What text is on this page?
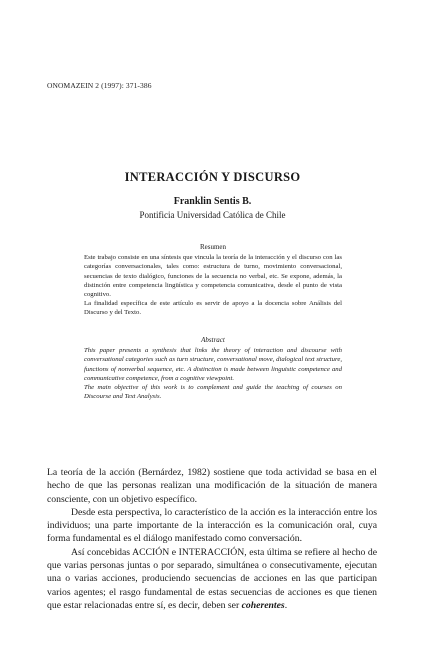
ONOMAZEIN 2 (1997): 371-386
INTERACCIÓN Y DISCURSO
Franklin Sentis B.
Pontificia Universidad Católica de Chile
Resumen

Este trabajo consiste en una síntesis que vincula la teoría de la interacción y el discurso con las categorías conversacionales, tales como: estructura de turno, movimiento conversacional, secuencias de texto dialógico, funciones de la secuencia no verbal, etc. Se expone, además, la distinción entre competencia lingüística y competencia comunicativa, desde el punto de vista cognitivo.

La finalidad específica de este artículo es servir de apoyo a la docencia sobre Análisis del Discurso y del Texto.

Abstract

This paper presents a synthesis that links the theory of interaction and discourse with conversational categories such as turn structure, conversational move, dialogical text structure, functions of nonverbal sequence, etc. A distinction is made between linguistic competence and communicative competence, from a cognitive viewpoint.

The main objective of this work is to complement and guide the teaching of courses on Discourse and Text Analysis.

La teoría de la acción (Bernárdez, 1982) sostiene que toda actividad se basa en el hecho de que las personas realizan una modificación de la situación de manera consciente, con un objetivo específico.

Desde esta perspectiva, lo característico de la acción es la interacción entre los individuos; una parte importante de la interacción es la comunicación oral, cuya forma fundamental es el diálogo manifestado como conversación.

Así concebidas ACCIÓN e INTERACCIÓN, esta última se refiere al hecho de que varias personas juntas o por separado, simultánea o consecutivamente, ejecutan una o varias acciones, produciendo secuencias de acciones en las que participan varios agentes; el rasgo fundamental de estas secuencias de acciones es que tienen que estar relacionadas entre sí, es decir, deben ser coherentes.
